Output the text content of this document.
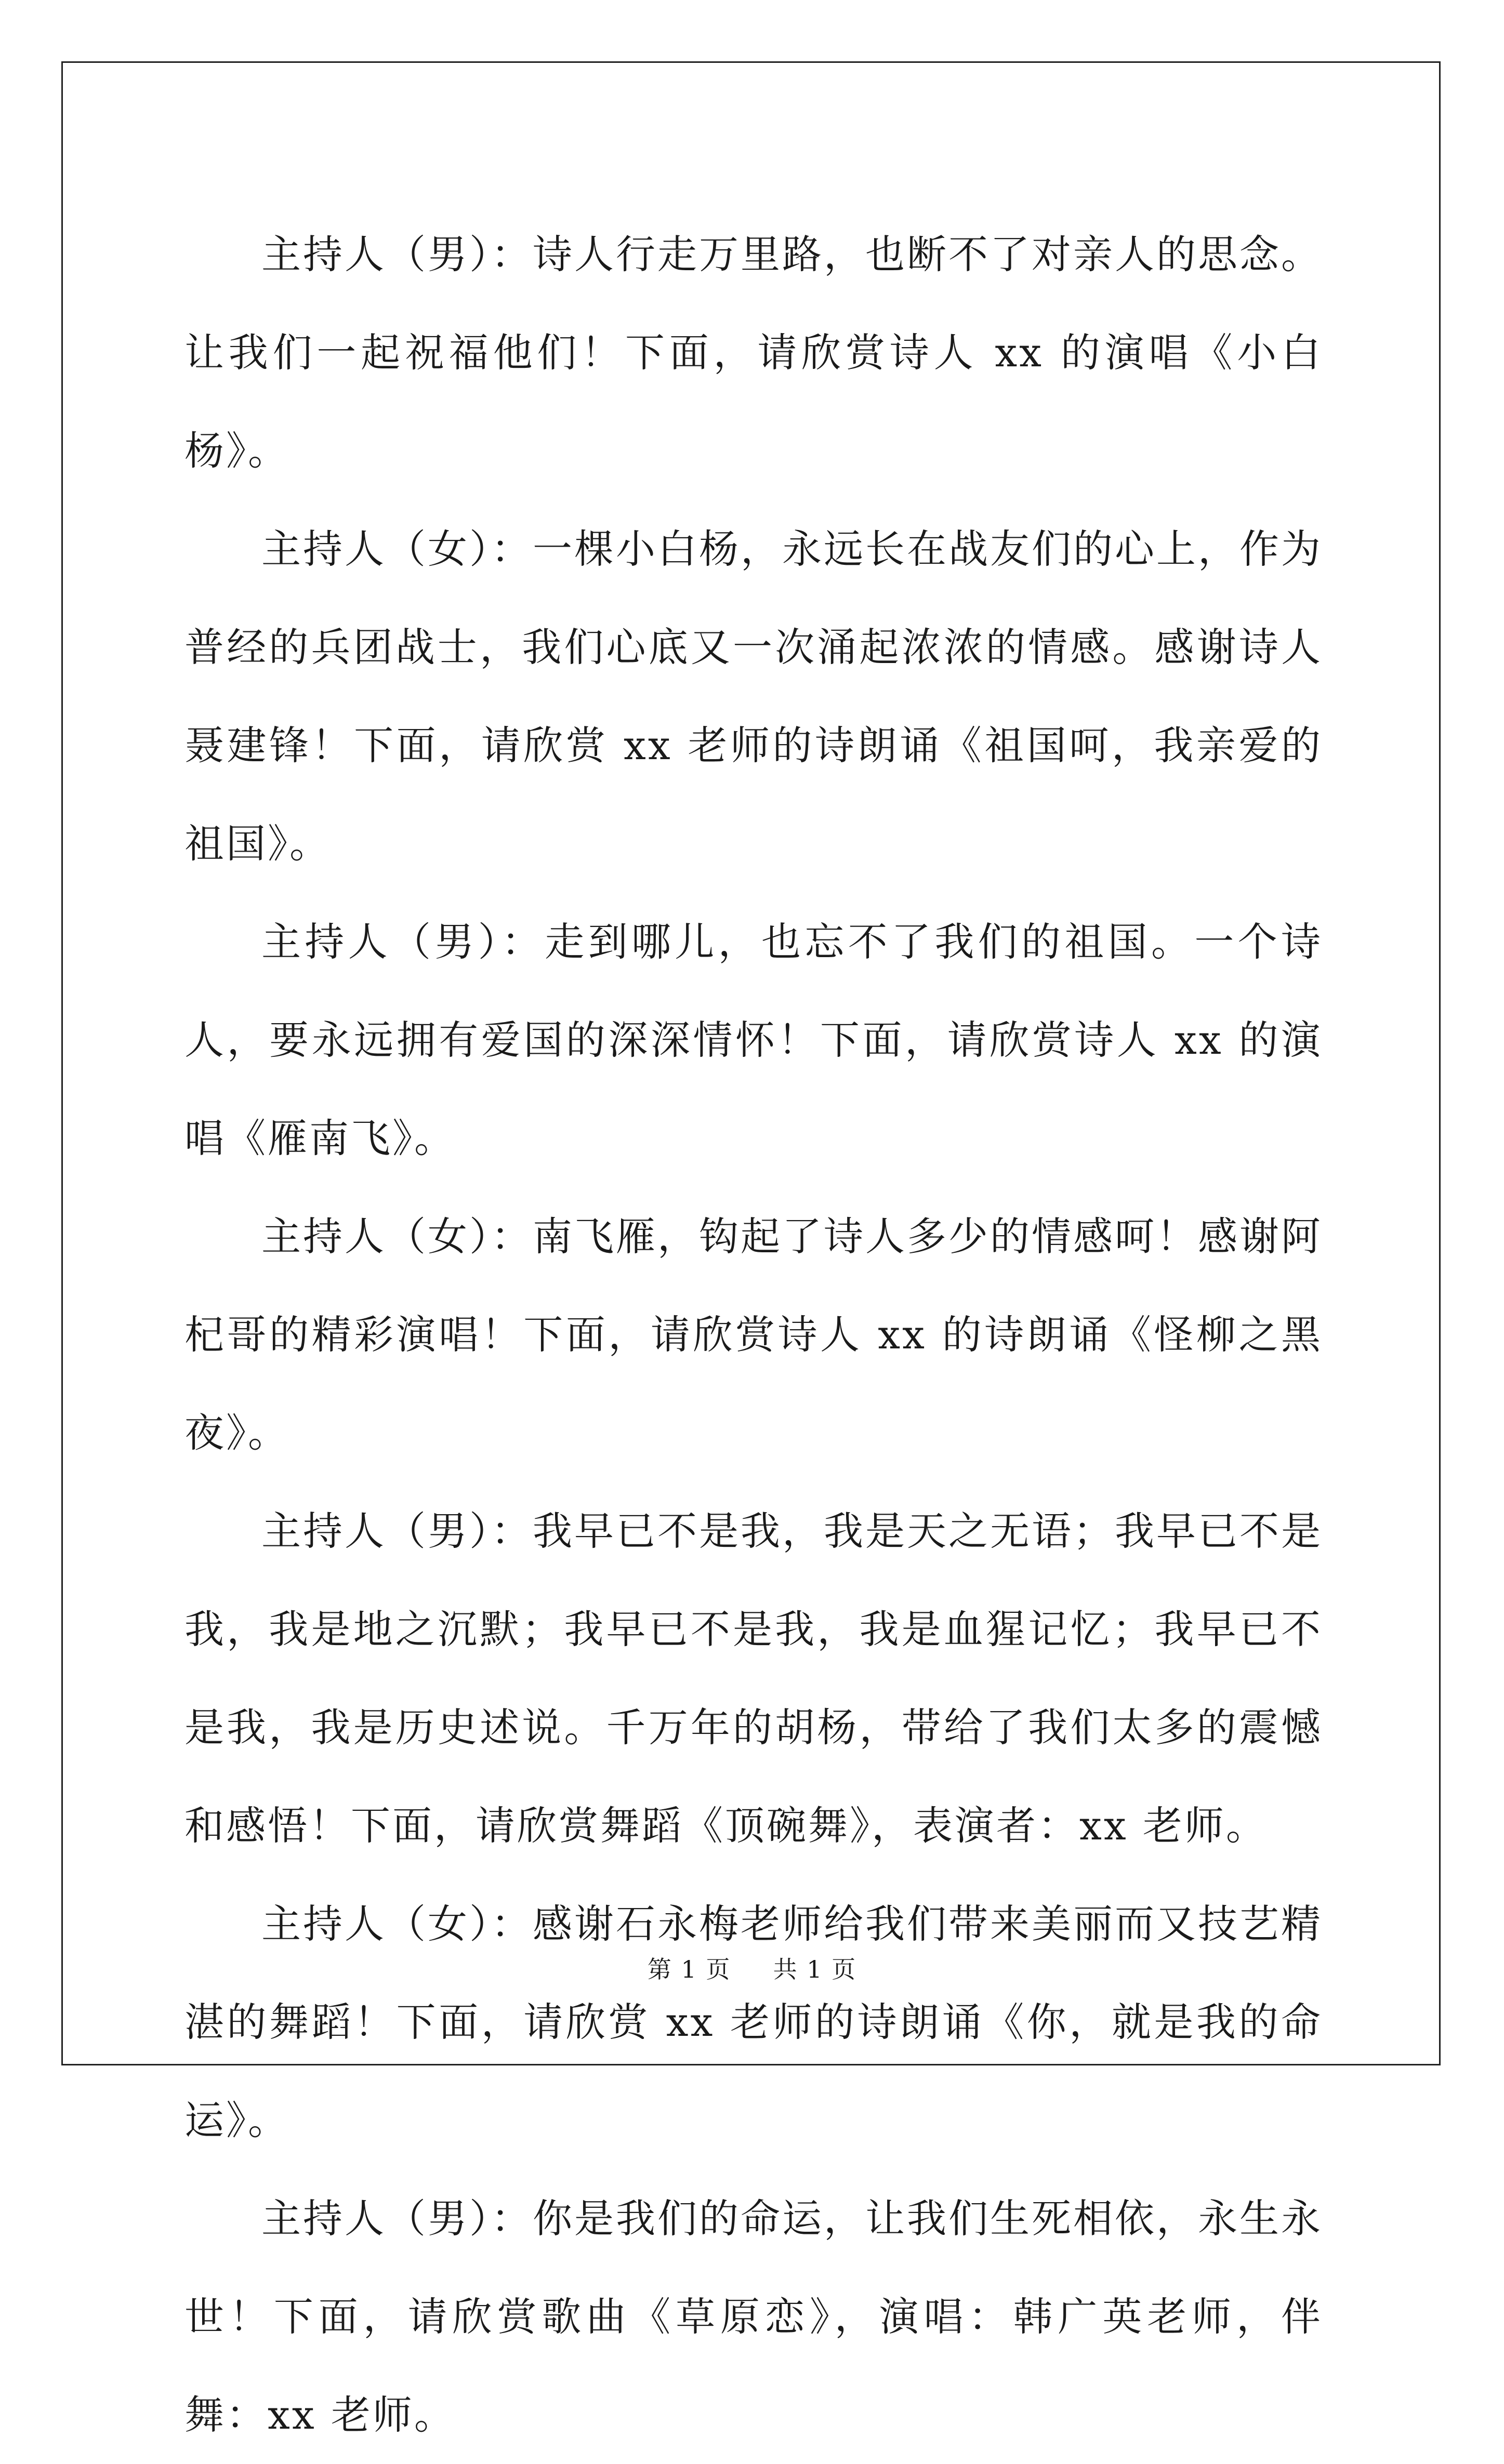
主持人（男）：诗人行走万里路，也断不了对亲人的思念。让我们一起祝福他们！下面，请欣赏诗人 xx 的演唱《小白杨》。

主持人（女）：一棵小白杨，永远长在战友们的心上，作为普经的兵团战士，我们心底又一次涌起浓浓的情感。感谢诗人聂建锋！下面，请欣赏 xx 老师的诗朗诵《祖国呵，我亲爱的祖国》。

主持人（男）：走到哪儿，也忘不了我们的祖国。一个诗人，要永远拥有爱国的深深情怀！下面，请欣赏诗人 xx 的演唱《雁南飞》。

主持人（女）：南飞雁，钩起了诗人多少的情感呵！感谢阿杞哥的精彩演唱！下面，请欣赏诗人 xx 的诗朗诵《怪柳之黑夜》。

主持人（男）：我早已不是我，我是天之无语；我早已不是我，我是地之沉默；我早已不是我，我是血猩记忆；我早已不是我，我是历史述说。千万年的胡杨，带给了我们太多的震憾和感悟！下面，请欣赏舞蹈《顶碗舞》，表演者：xx 老师。

主持人（女）：感谢石永梅老师给我们带来美丽而又技艺精湛的舞蹈！下面，请欣赏 xx 老师的诗朗诵《你，就是我的命运》。

主持人（男）：你是我们的命运，让我们生死相依，永生永世！下面，请欣赏歌曲《草原恋》，演唱：韩广英老师，伴舞：xx 老师。

第 1 页 共 1 页
